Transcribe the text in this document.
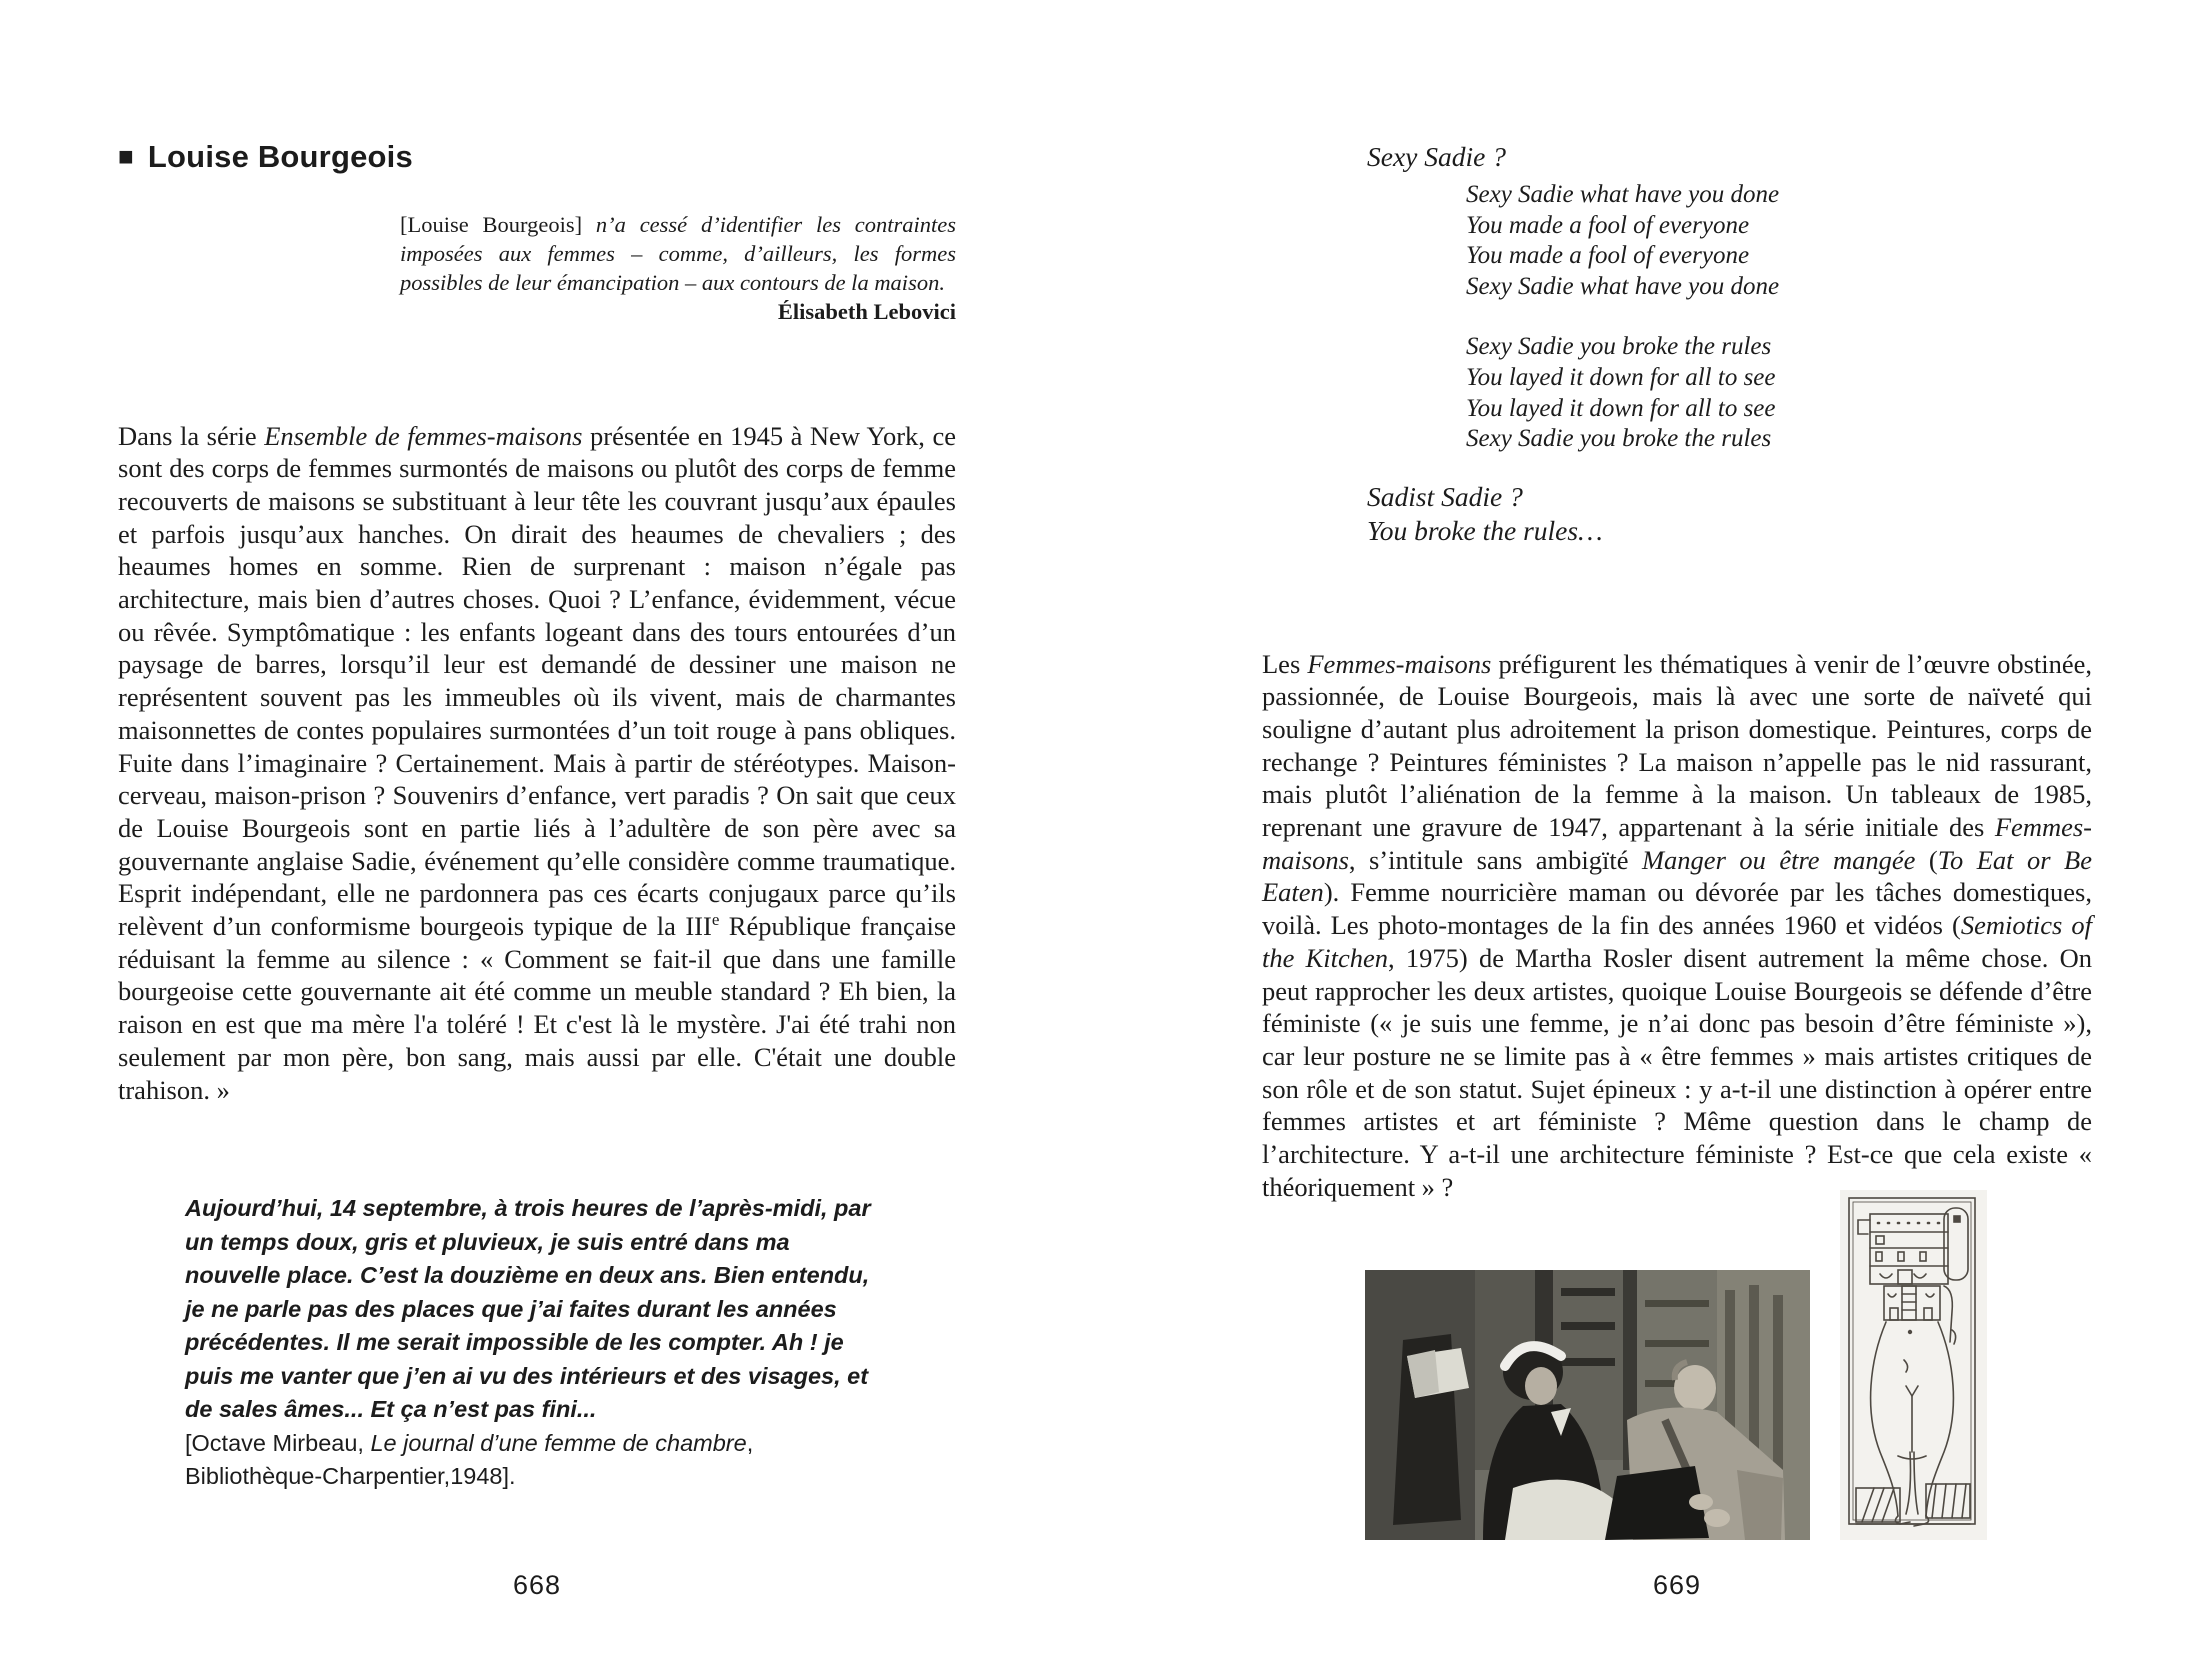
■ Louise Bourgeois

[Louise Bourgeois] n’a cessé d’identifier les contraintes imposées aux femmes – comme, d’ailleurs, les formes possibles de leur émancipation – aux contours de la maison.

Élisabeth Lebovici

Dans la série Ensemble de femmes-maisons présentée en 1945 à New York, ce sont des corps de femmes surmontés de maisons ou plutôt des corps de femme recouverts de maisons se substituant à leur tête les couvrant jusqu’aux épaules et parfois jusqu’aux hanches. On dirait des heaumes de chevaliers ; des heaumes homes en somme. Rien de surprenant : maison n’égale pas architecture, mais bien d’autres choses. Quoi ? L’enfance, évidemment, vécue ou rêvée. Symptômatique : les enfants logeant dans des tours entourées d’un paysage de barres, lorsqu’il leur est demandé de dessiner une maison ne représentent souvent pas les immeubles où ils vivent, mais de charmantes maisonnettes de contes populaires surmontées d’un toit rouge à pans obliques. Fuite dans l’imaginaire ? Certainement. Mais à partir de stéréotypes. Maison-cerveau, maison-prison ? Souvenirs d’enfance, vert paradis ? On sait que ceux de Louise Bourgeois sont en partie liés à l’adultère de son père avec sa gouvernante anglaise Sadie, événement qu’elle considère comme traumatique. Esprit indépendant, elle ne pardonnera pas ces écarts conjugaux parce qu’ils relèvent d’un conformisme bourgeois typique de la IIIe République française réduisant la femme au silence : « Comment se fait-il que dans une famille bourgeoise cette gouvernante ait été comme un meuble standard ? Eh bien, la raison en est que ma mère l'a toléré ! Et c'est là le mystère. J'ai été trahi non seulement par mon père, bon sang, mais aussi par elle. C'était une double trahison. »

Aujourd’hui, 14 septembre, à trois heures de l’après-midi, par un temps doux, gris et pluvieux, je suis entré dans ma nouvelle place. C’est la douzième en deux ans. Bien entendu, je ne parle pas des places que j’ai faites durant les années précédentes. Il me serait impossible de les compter. Ah ! je puis me vanter que j’en ai vu des intérieurs et des visages, et de sales âmes... Et ça n’est pas fini...

[Octave Mirbeau, Le journal d’une femme de chambre, Bibliothèque-Charpentier,1948].

668

Sexy Sadie ?

Sexy Sadie what have you done
You made a fool of everyone
You made a fool of everyone
Sexy Sadie what have you done
Sexy Sadie you broke the rules
You layed it down for all to see
You layed it down for all to see
Sexy Sadie you broke the rules
Sadist Sadie ?
You broke the rules…

Les Femmes-maisons préfigurent les thématiques à venir de l’œuvre obstinée, passionnée, de Louise Bourgeois, mais là avec une sorte de naïveté qui souligne d’autant plus adroitement la prison domestique. Peintures, corps de rechange ? Peintures féministes ? La maison n’appelle pas le nid rassurant, mais plutôt l’aliénation de la femme à la maison. Un tableaux de 1985, reprenant une gravure de 1947, appartenant à la série initiale des Femmes-maisons, s’intitule sans ambigïté Manger ou être mangée (To Eat or Be Eaten). Femme nourricière maman ou dévorée par les tâches domestiques, voilà. Les photo-montages de la fin des années 1960 et vidéos (Semiotics of the Kitchen, 1975) de Martha Rosler disent autrement la même chose. On peut rapprocher les deux artistes, quoique Louise Bourgeois se défende d’être féministe (« je suis une femme, je n’ai donc pas besoin d’être féministe »), car leur posture ne se limite pas à « être femmes » mais artistes critiques de son rôle et de son statut. Sujet épineux : y a-t-il une distinction à opérer entre femmes artistes et art féministe ? Même question dans le champ de l’architecture. Y a-t-il une architecture féministe ? Est-ce que cela existe « théoriquement » ?

669
